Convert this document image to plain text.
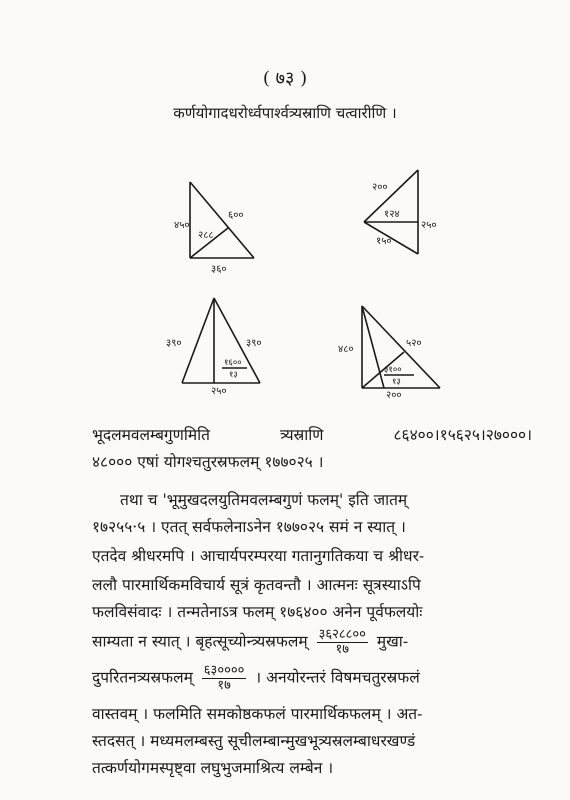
( ७३ )
कर्णयोगादधरोर्ध्वपार्श्वत्र्यस्राणि चत्वारीणि ।
४५०
६००
२८८
३६०
२००
१२४
२५०
१५०
३९०	३९०
१६००
१३
२५०
४८०
५२०
३१००
१३
२००
भूदलमवलम्बगुणमिति	त्र्यस्राणि	८६४००।१५६२५।२७०००।
४८००० एषां योगश्चतुरस्रफलम् १७७०२५ ।
तथा च 'भूमुखदलयुतिमवलम्बगुणं फलम्' इति जातम्
१७२५५·५ । एतत् सर्वफलेनाऽनेन १७७०२५ समं न स्यात् ।
एतदेव श्रीधरमपि । आचार्यपरम्परया गतानुगतिकया च श्रीधर-
ललौ पारमार्थिकमविचार्य सूत्रं कृतवन्तौ । आत्मनः सूत्रस्याऽपि
फलविसंवादः । तन्मतेनाऽत्र फलम् १७६४०० अनेन पूर्वफलयोः
साम्यता न स्यात् । बृहत्सूच्योन्त्र्यस्रफलम् $\frac{३६२८८००}{१७}$ मुखा-
दुपरितनत्र्यस्रफलम् $\frac{६३००००}{१७}$ । अनयोरन्तरं विषमचतुरस्रफलं
वास्तवम् । फलमिति समकोष्ठकफलं पारमार्थिकफलम् । अत-
स्तदसत् । मध्यमलम्बस्तु सूचीलम्बान्मुखभूत्र्यस्रलम्बाधरखण्डं
तत्कर्णयोगमस्पृष्ट्वा लघुभुजमाश्रित्य लम्बेन ।
